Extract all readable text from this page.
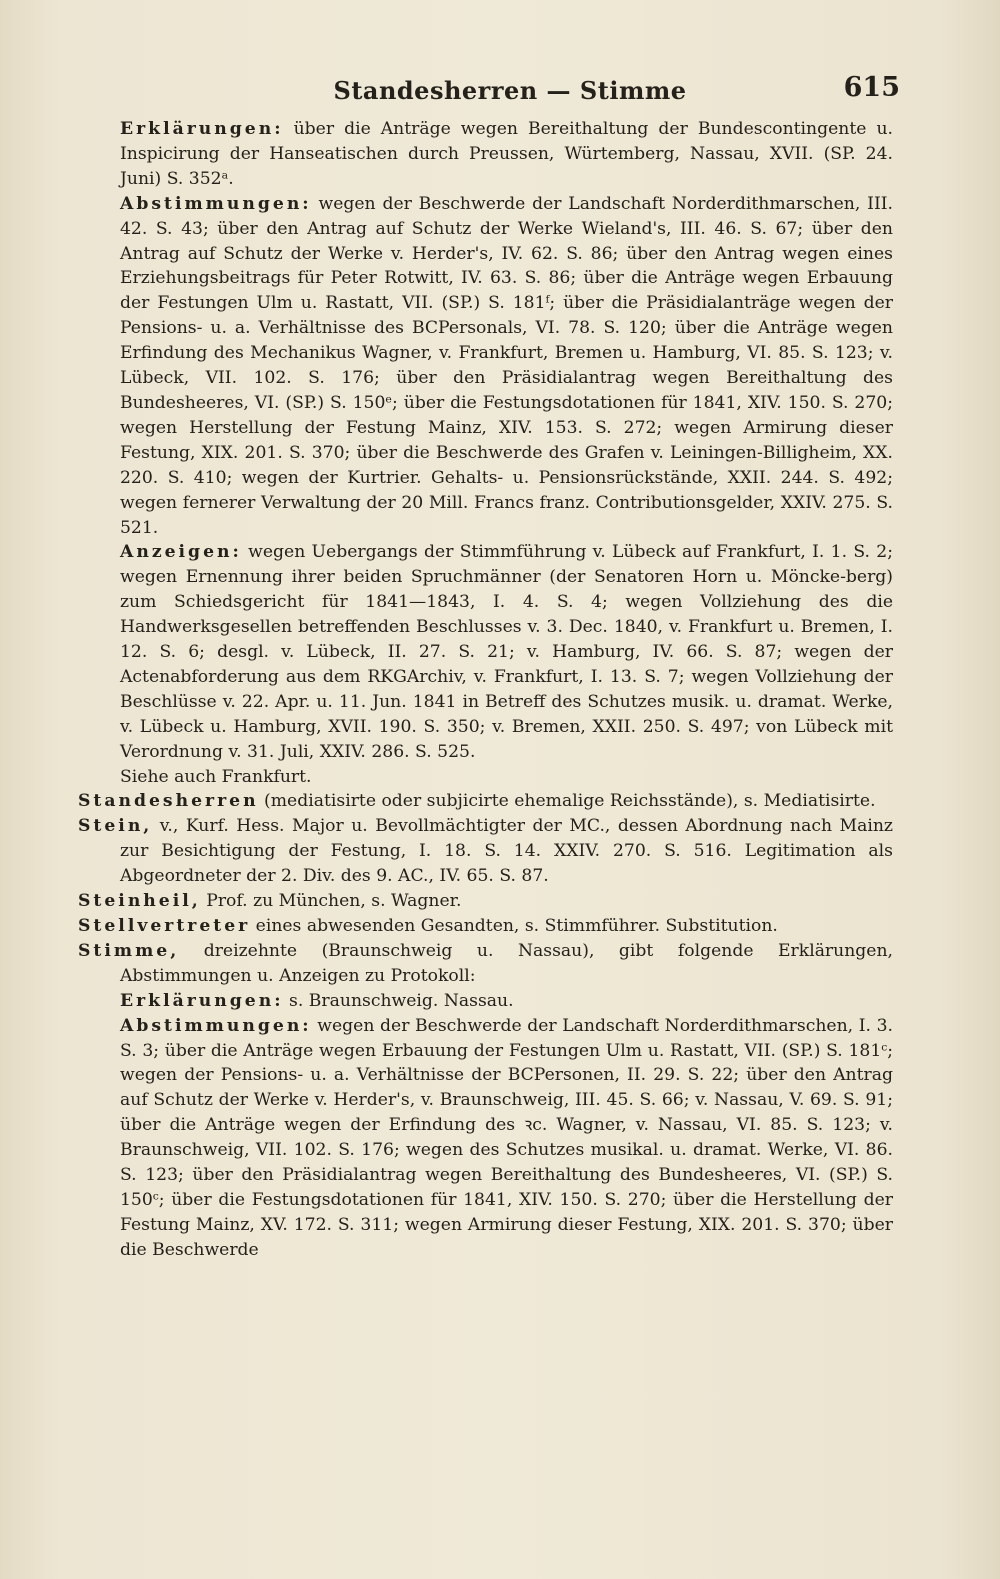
Standesherren — Stimme	615

Erklärungen: über die Anträge wegen Bereithaltung der Bundescontingente u. Inspicirung der Hanseatischen durch Preussen, Würtemberg, Nassau, XVII. (SP. 24. Juni) S. 352ᵃ.

Abstimmungen: wegen der Beschwerde der Landschaft Norderdithmarschen, III. 42. S. 43; über den Antrag auf Schutz der Werke Wieland's, III. 46. S. 67; über den Antrag auf Schutz der Werke v. Herder's, IV. 62. S. 86; über den Antrag wegen eines Erziehungsbeitrags für Peter Rotwitt, IV. 63. S. 86; über die Anträge wegen Erbauung der Festungen Ulm u. Rastatt, VII. (SP.) S. 181ᶠ; über die Präsidialanträge wegen der Pensions- u. a. Verhältnisse des BCPersonals, VI. 78. S. 120; über die Anträge wegen Erfindung des Mechanikus Wagner, v. Frankfurt, Bremen u. Hamburg, VI. 85. S. 123; v. Lübeck, VII. 102. S. 176; über den Präsidialantrag wegen Bereithaltung des Bundesheeres, VI. (SP.) S. 150ᵉ; über die Festungsdotationen für 1841, XIV. 150. S. 270; wegen Herstellung der Festung Mainz, XIV. 153. S. 272; wegen Armirung dieser Festung, XIX. 201. S. 370; über die Beschwerde des Grafen v. Leiningen-Billigheim, XX. 220. S. 410; wegen der Kurtrier. Gehalts- u. Pensionsrückstände, XXII. 244. S. 492; wegen fernerer Verwaltung der 20 Mill. Francs franz. Contributionsgelder, XXIV. 275. S. 521.

Anzeigen: wegen Uebergangs der Stimmführung v. Lübeck auf Frankfurt, I. 1. S. 2; wegen Ernennung ihrer beiden Spruchmänner (der Senatoren Horn u. Möncke-berg) zum Schiedsgericht für 1841—1843, I. 4. S. 4; wegen Vollziehung des die Handwerksgesellen betreffenden Beschlusses v. 3. Dec. 1840, v. Frankfurt u. Bremen, I. 12. S. 6; desgl. v. Lübeck, II. 27. S. 21; v. Hamburg, IV. 66. S. 87; wegen der Actenabforderung aus dem RKGArchiv, v. Frankfurt, I. 13. S. 7; wegen Vollziehung der Beschlüsse v. 22. Apr. u. 11. Jun. 1841 in Betreff des Schutzes musik. u. dramat. Werke, v. Lübeck u. Hamburg, XVII. 190. S. 350; v. Bremen, XXII. 250. S. 497; von Lübeck mit Verordnung v. 31. Juli, XXIV. 286. S. 525.

Siehe auch Frankfurt.

Standesherren (mediatisirte oder subjicirte ehemalige Reichsstände), s. Mediatisirte.

Stein, v., Kurf. Hess. Major u. Bevollmächtigter der MC., dessen Abordnung nach Mainz zur Besichtigung der Festung, I. 18. S. 14. XXIV. 270. S. 516. Legitimation als Abgeordneter der 2. Div. des 9. AC., IV. 65. S. 87.

Steinheil, Prof. zu München, s. Wagner.

Stellvertreter eines abwesenden Gesandten, s. Stimmführer. Substitution.

Stimme, dreizehnte (Braunschweig u. Nassau), gibt folgende Erklärungen, Abstimmungen u. Anzeigen zu Protokoll:

Erklärungen: s. Braunschweig. Nassau.

Abstimmungen: wegen der Beschwerde der Landschaft Norderdithmarschen, I. 3. S. 3; über die Anträge wegen Erbauung der Festungen Ulm u. Rastatt, VII. (SP.) S. 181ᶜ; wegen der Pensions- u. a. Verhältnisse der BCPersonen, II. 29. S. 22; über den Antrag auf Schutz der Werke v. Herder's, v. Braunschweig, III. 45. S. 66; v. Nassau, V. 69. S. 91; über die Anträge wegen der Erfindung des ꝛc. Wagner, v. Nassau, VI. 85. S. 123; v. Braunschweig, VII. 102. S. 176; wegen des Schutzes musikal. u. dramat. Werke, VI. 86. S. 123; über den Präsidialantrag wegen Bereithaltung des Bundesheeres, VI. (SP.) S. 150ᶜ; über die Festungsdotationen für 1841, XIV. 150. S. 270; über die Herstellung der Festung Mainz, XV. 172. S. 311; wegen Armirung dieser Festung, XIX. 201. S. 370; über die Beschwerde
